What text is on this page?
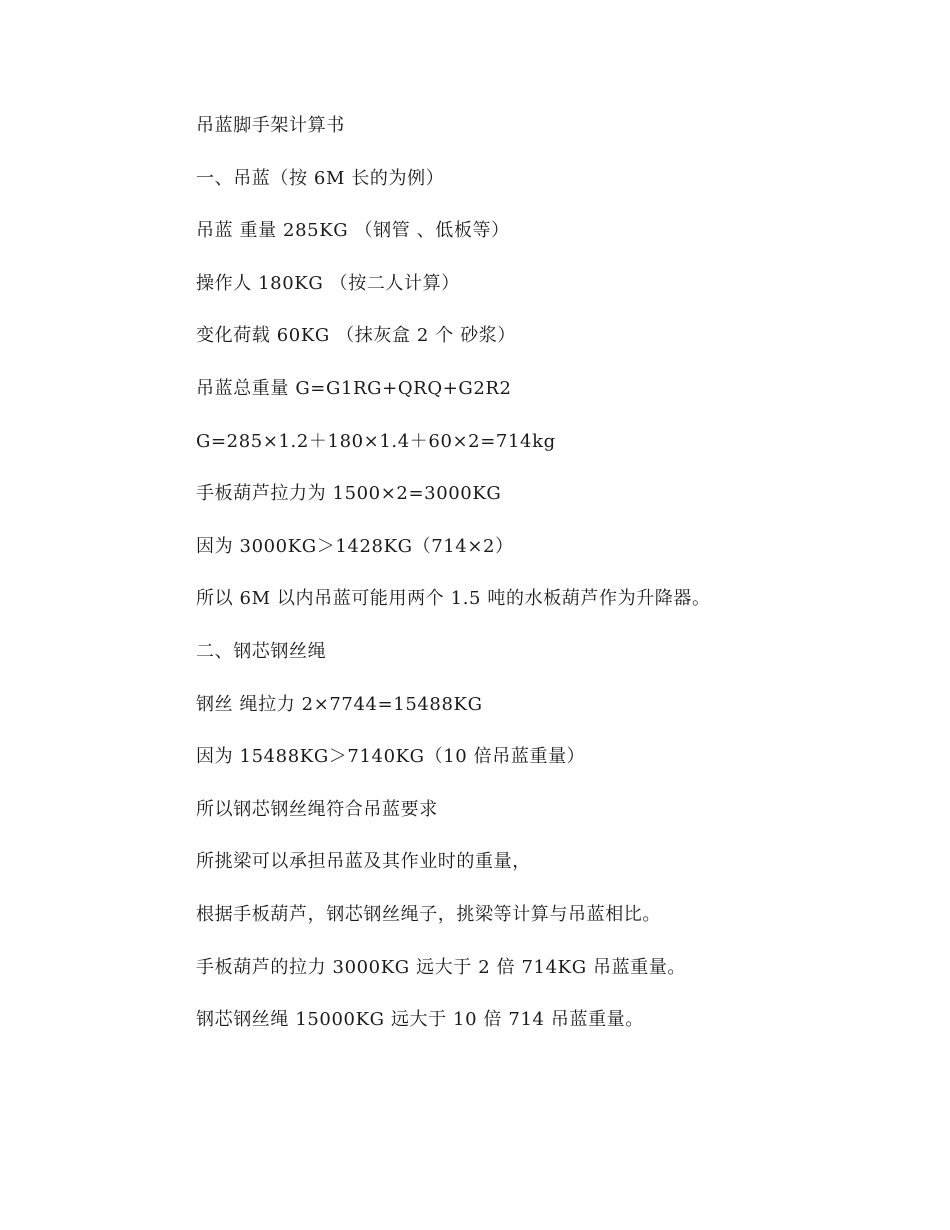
吊蓝脚手架计算书
一、吊蓝（按 6M 长的为例）
吊蓝 重量 285KG （钢管 、低板等）
操作人 180KG （按二人计算）
变化荷载 60KG （抹灰盒 2 个 砂浆）
吊蓝总重量 G=G1RG+QRQ+G2R2
G=285×1.2＋180×1.4＋60×2=714kg
手板葫芦拉力为 1500×2=3000KG
因为 3000KG＞1428KG（714×2）
所以 6M 以内吊蓝可能用两个 1.5 吨的水板葫芦作为升降器。
二、钢芯钢丝绳
钢丝 绳拉力 2×7744=15488KG
因为 15488KG＞7140KG（10 倍吊蓝重量）
所以钢芯钢丝绳符合吊蓝要求
所挑梁可以承担吊蓝及其作业时的重量，
根据手板葫芦，钢芯钢丝绳子，挑梁等计算与吊蓝相比。
手板葫芦的拉力 3000KG 远大于 2 倍 714KG 吊蓝重量。
钢芯钢丝绳 15000KG 远大于 10 倍 714 吊蓝重量。
